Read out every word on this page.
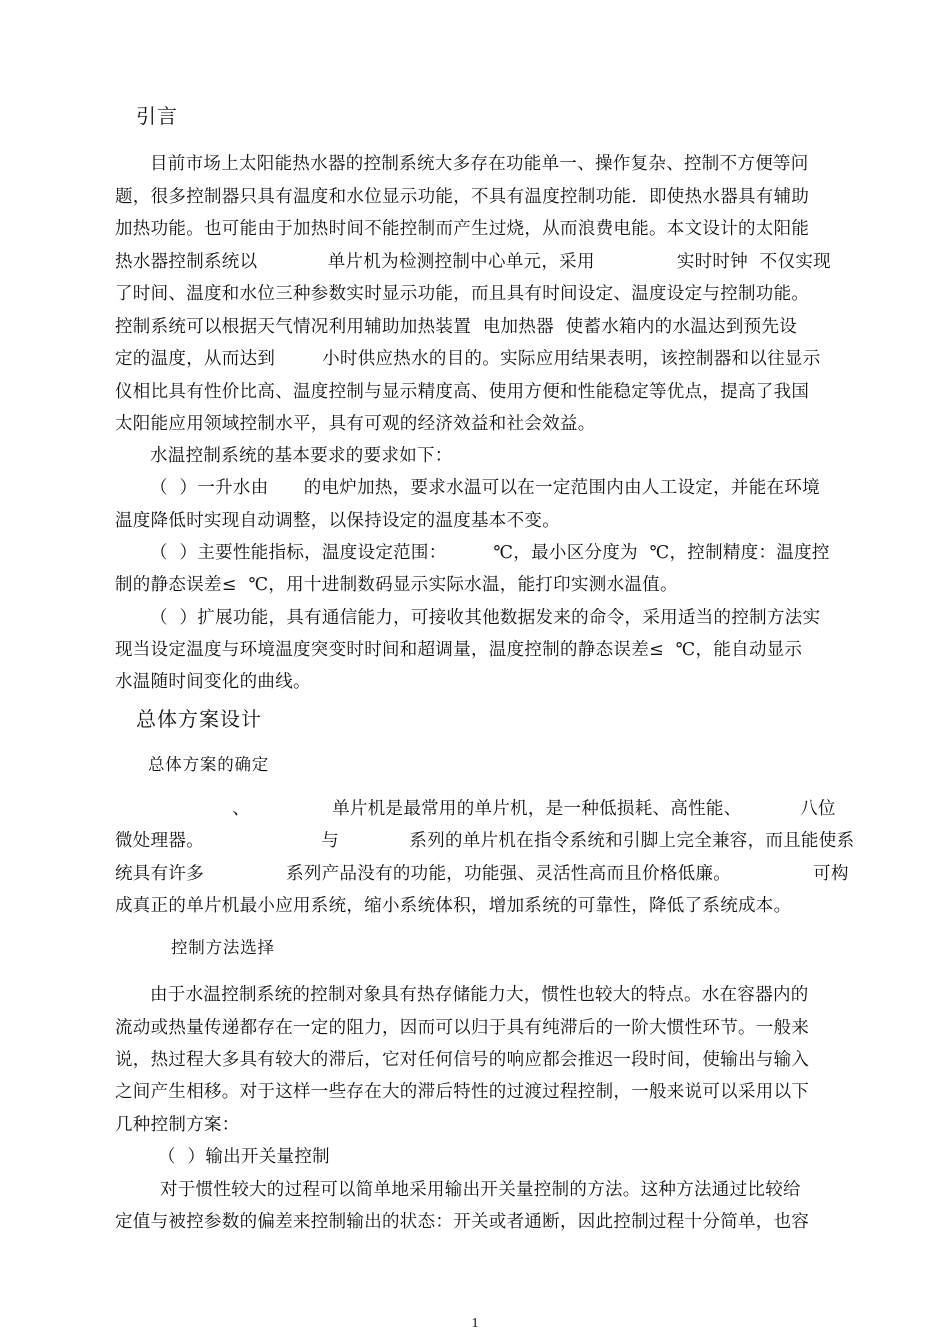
引言
目前市场上太阳能热水器的控制系统大多存在功能单一、操作复杂、控制不方便等问
题，很多控制器只具有温度和水位显示功能，不具有温度控制功能．即使热水器具有辅助
加热功能。也可能由于加热时间不能控制而产生过烧，从而浪费电能。本文设计的太阳能
热水器控制系统以            单片机为检测控制中心单元，采用              实时时钟  不仅实现
了时间、温度和水位三种参数实时显示功能，而且具有时间设定、温度设定与控制功能。
控制系统可以根据天气情况利用辅助加热装置  电加热器  使蓄水箱内的水温达到预先设
定的温度，从而达到        小时供应热水的目的。实际应用结果表明，该控制器和以往显示
仪相比具有性价比高、温度控制与显示精度高、使用方便和性能稳定等优点，提高了我国
太阳能应用领域控制水平，具有可观的经济效益和社会效益。
水温控制系统的基本要求的要求如下：
（  ）一升水由      的电炉加热，要求水温可以在一定范围内由人工设定，并能在环境
温度降低时实现自动调整，以保持设定的温度基本不变。
（  ）主要性能指标，温度设定范围：        ℃，最小区分度为  ℃，控制精度：温度控
制的静态误差≤  ℃，用十进制数码显示实际水温，能打印实测水温值。
（  ）扩展功能，具有通信能力，可接收其他数据发来的命令，采用适当的控制方法实
现当设定温度与环境温度突变时时间和超调量，温度控制的静态误差≤  ℃，能自动显示
水温随时间变化的曲线。
总体方案设计
总体方案的确定
、              单片机是最常用的单片机，是一种低损耗、高性能、          八位
微处理器。                    与            系列的单片机在指令系统和引脚上完全兼容，而且能使系
统具有许多              系列产品没有的功能，功能强、灵活性高而且价格低廉。              可构
成真正的单片机最小应用系统，缩小系统体积，增加系统的可靠性，降低了系统成本。
控制方法选择
由于水温控制系统的控制对象具有热存储能力大，惯性也较大的特点。水在容器内的
流动或热量传递都存在一定的阻力，因而可以归于具有纯滞后的一阶大惯性环节。一般来
说，热过程大多具有较大的滞后，它对任何信号的响应都会推迟一段时间，使输出与输入
之间产生相移。对于这样一些存在大的滞后特性的过渡过程控制，一般来说可以采用以下
几种控制方案：
（  ）输出开关量控制
对于惯性较大的过程可以简单地采用输出开关量控制的方法。这种方法通过比较给
定值与被控参数的偏差来控制输出的状态：开关或者通断，因此控制过程十分简单，也容
1
